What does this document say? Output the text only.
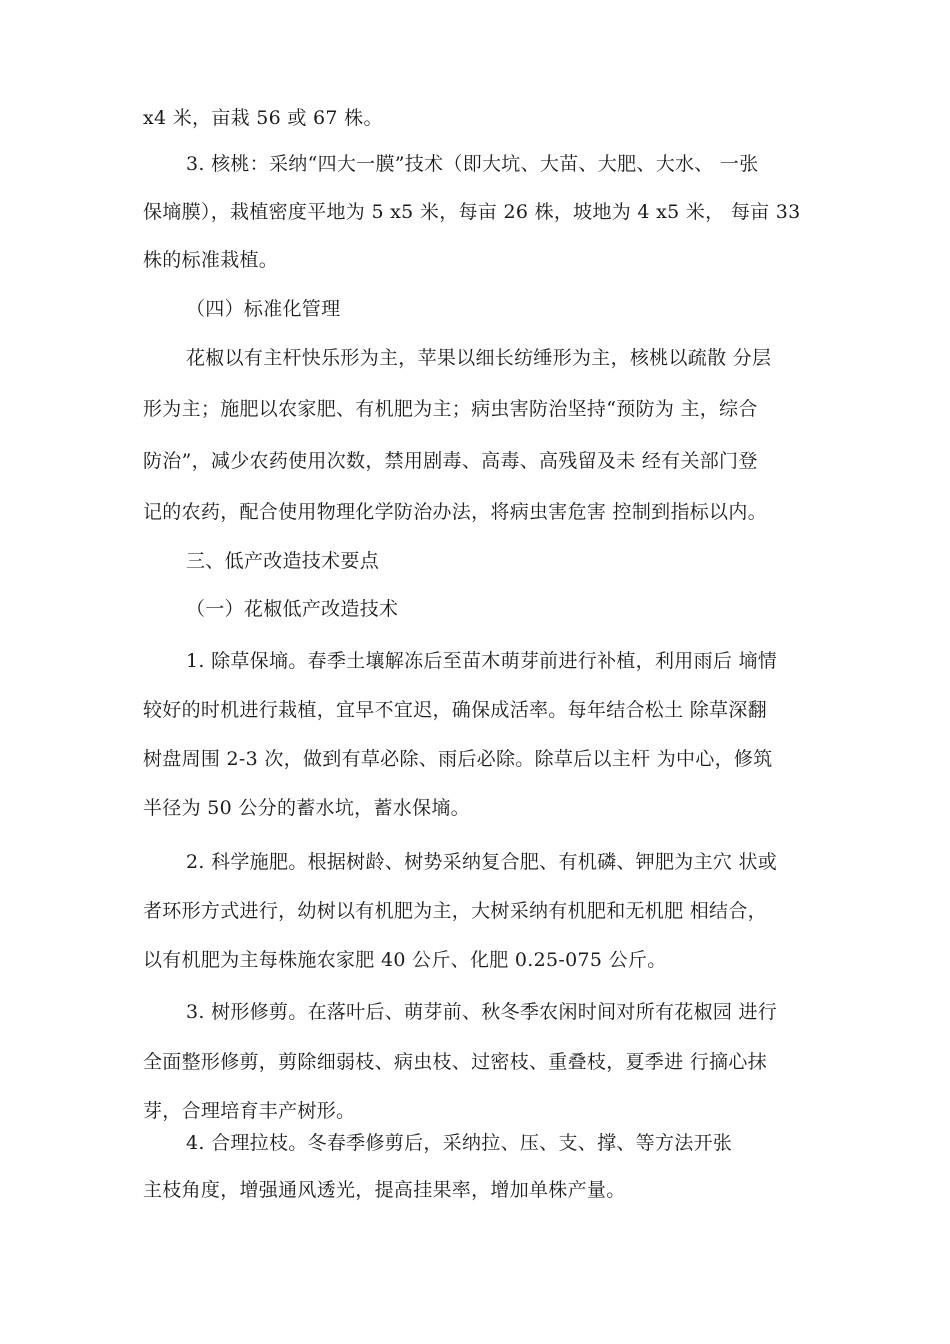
x4 米，亩栽 56 或 67 株。
3. 核桃：采纳“四大一膜”技术（即大坑、大苗、大肥、大水、 一张
保墒膜），栽植密度平地为 5 x5 米，每亩 26 株，坡地为 4 x5 米， 每亩 33
株的标准栽植。
（四）标准化管理
花椒以有主杆快乐形为主，苹果以细长纺缍形为主，核桃以疏散 分层
形为主；施肥以农家肥、有机肥为主；病虫害防治坚持“预防为 主，综合
防治”，减少农药使用次数，禁用剧毒、高毒、高残留及未 经有关部门登
记的农药，配合使用物理化学防治办法，将病虫害危害 控制到指标以内。
三、低产改造技术要点
（一）花椒低产改造技术
1. 除草保墒。春季土壤解冻后至苗木萌芽前进行补植，利用雨后 墒情
较好的时机进行栽植，宜早不宜迟，确保成活率。每年结合松土 除草深翻
树盘周围 2-3 次，做到有草必除、雨后必除。除草后以主杆 为中心，修筑
半径为 50 公分的蓄水坑，蓄水保墒。
2. 科学施肥。根据树龄、树势采纳复合肥、有机磷、钾肥为主穴 状或
者环形方式进行，幼树以有机肥为主，大树采纳有机肥和无机肥 相结合，
以有机肥为主每株施农家肥 40 公斤、化肥 0.25-075 公斤。
3. 树形修剪。在落叶后、萌芽前、秋冬季农闲时间对所有花椒园 进行
全面整形修剪，剪除细弱枝、病虫枝、过密枝、重叠枝，夏季进 行摘心抹
芽，合理培育丰产树形。
4. 合理拉枝。冬春季修剪后，采纳拉、压、支、撑、等方法开张
主枝角度，增强通风透光，提高挂果率，增加单株产量。
